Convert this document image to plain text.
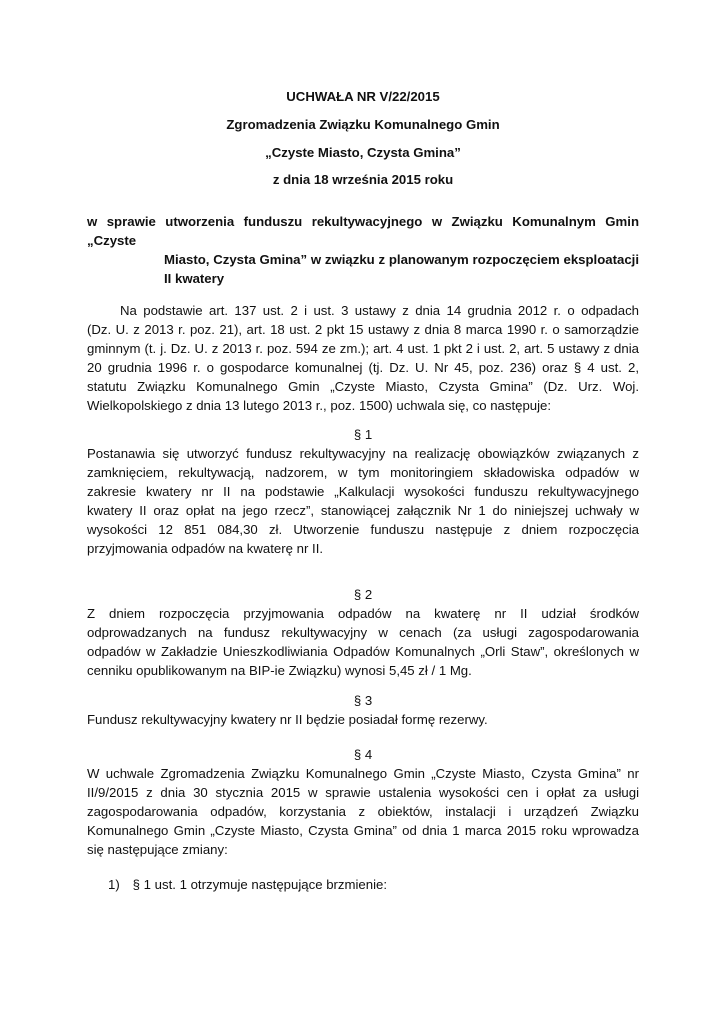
UCHWAŁA NR V/22/2015
Zgromadzenia Związku Komunalnego Gmin
„Czyste Miasto, Czysta Gmina”
z dnia 18 września 2015 roku
w sprawie utworzenia funduszu rekultywacyjnego w Związku Komunalnym Gmin „Czyste
Miasto, Czysta Gmina” w związku z planowanym rozpoczęciem eksploatacji
II kwatery
Na podstawie art. 137 ust. 2 i ust. 3 ustawy z dnia 14 grudnia 2012 r. o odpadach
(Dz. U. z 2013 r. poz. 21), art. 18 ust. 2 pkt 15 ustawy z dnia 8 marca 1990 r. o samorządzie
gminnym (t. j. Dz. U. z 2013 r. poz. 594 ze zm.); art. 4 ust. 1 pkt 2 i ust. 2, art. 5 ustawy z dnia
20 grudnia 1996 r. o gospodarce komunalnej (tj. Dz. U. Nr 45, poz. 236) oraz § 4 ust. 2,
statutu Związku Komunalnego Gmin „Czyste Miasto, Czysta Gmina” (Dz. Urz. Woj.
Wielkopolskiego z dnia 13 lutego 2013 r., poz. 1500) uchwala się, co następuje:
§ 1
Postanawia się utworzyć fundusz rekultywacyjny na realizację obowiązków związanych z
zamknięciem, rekultywacją, nadzorem, w tym monitoringiem składowiska odpadów w
zakresie kwatery nr II na podstawie „Kalkulacji wysokości funduszu rekultywacyjnego
kwatery II oraz opłat na jego rzecz”, stanowiącej załącznik Nr 1 do niniejszej uchwały w
wysokości 12 851 084,30 zł. Utworzenie funduszu następuje z dniem rozpoczęcia
przyjmowania odpadów na kwaterę nr II.
§ 2
Z dniem rozpoczęcia przyjmowania odpadów na kwaterę nr II udział środków
odprowadzanych na fundusz rekultywacyjny w cenach (za usługi zagospodarowania
odpadów w Zakładzie Unieszkodliwiania Odpadów Komunalnych „Orli Staw”, określonych w
cenniku opublikowanym na BIP-ie Związku) wynosi 5,45 zł / 1 Mg.
§ 3
Fundusz rekultywacyjny kwatery nr II będzie posiadał formę rezerwy.
§ 4
W uchwale Zgromadzenia Związku Komunalnego Gmin „Czyste Miasto, Czysta Gmina” nr
II/9/2015 z dnia 30 stycznia 2015 w sprawie ustalenia wysokości cen i opłat za usługi
zagospodarowania odpadów, korzystania z obiektów, instalacji i urządzeń Związku
Komunalnego Gmin „Czyste Miasto, Czysta Gmina” od dnia 1 marca 2015 roku wprowadza
się następujące zmiany:
1) § 1 ust. 1 otrzymuje następujące brzmienie:
